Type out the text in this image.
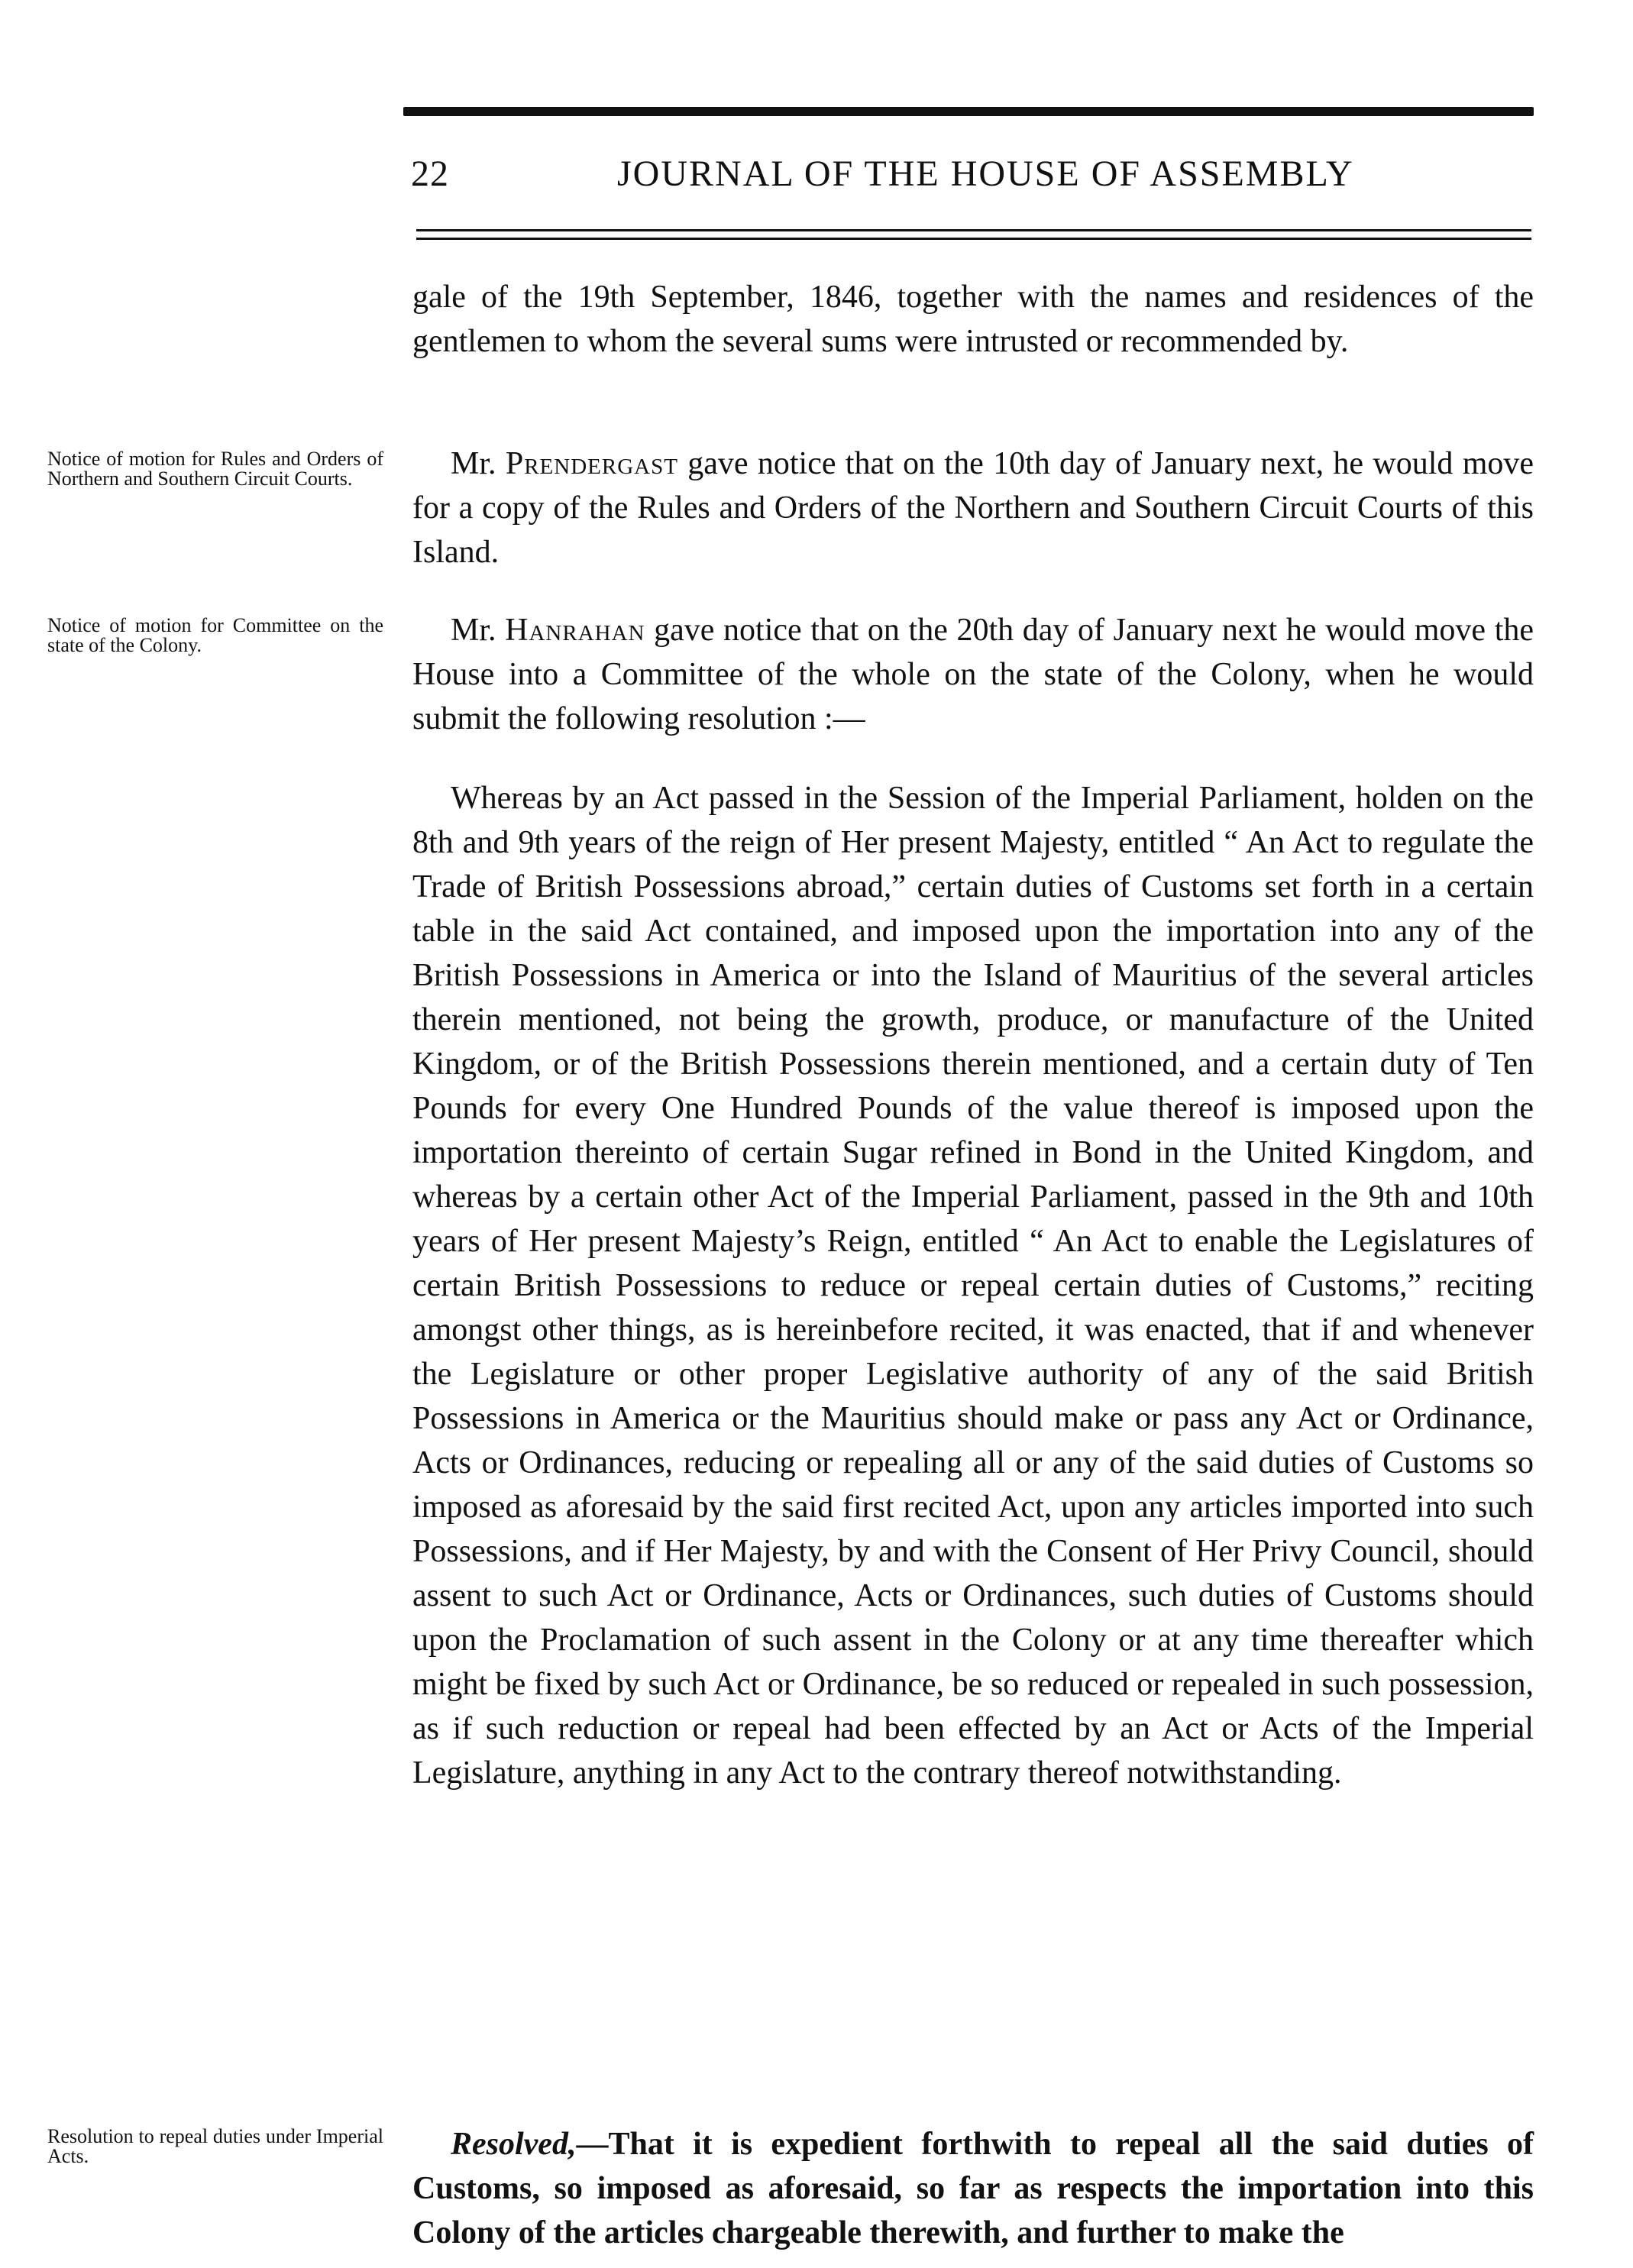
22	JOURNAL OF THE HOUSE OF ASSEMBLY

gale of the 19th September, 1846, together with the names and residences of the gentlemen to whom the several sums were intrusted or recommended by.

Mr. Prendergast gave notice that on the 10th day of January next, he would move for a copy of the Rules and Orders of the Northern and Southern Circuit Courts of this Island.

Mr. Hanrahan gave notice that on the 20th day of January next he would move the House into a Committee of the whole on the state of the Colony, when he would submit the following resolution :—

Whereas by an Act passed in the Session of the Imperial Parliament, holden on the 8th and 9th years of the reign of Her present Majesty, entitled “ An Act to regulate the Trade of British Possessions abroad,” certain duties of Customs set forth in a certain table in the said Act contained, and imposed upon the importation into any of the British Possessions in America or into the Island of Mauritius of the several articles therein mentioned, not being the growth, produce, or manufacture of the United Kingdom, or of the British Possessions therein mentioned, and a certain duty of Ten Pounds for every One Hundred Pounds of the value thereof is imposed upon the importation thereinto of certain Sugar refined in Bond in the United Kingdom, and whereas by a certain other Act of the Imperial Parliament, passed in the 9th and 10th years of Her present Majesty’s Reign, entitled “ An Act to enable the Legislatures of certain British Possessions to reduce or repeal certain duties of Customs,” reciting amongst other things, as is hereinbefore recited, it was enacted, that if and whenever the Legislature or other proper Legislative authority of any of the said British Possessions in America or the Mauritius should make or pass any Act or Ordinance, Acts or Ordinances, reducing or repealing all or any of the said duties of Customs so imposed as aforesaid by the said first recited Act, upon any articles imported into such Possessions, and if Her Majesty, by and with the Consent of Her Privy Council, should assent to such Act or Ordinance, Acts or Ordinances, such duties of Customs should upon the Proclamation of such assent in the Colony or at any time thereafter which might be fixed by such Act or Ordinance, be so reduced or repealed in such possession, as if such reduction or repeal had been effected by an Act or Acts of the Imperial Legislature, anything in any Act to the contrary thereof notwithstanding.

Resolved,—That it is expedient forthwith to repeal all the said duties of Customs, so imposed as aforesaid, so far as respects the importation into this Colony of the articles chargeable therewith, and further to make the

Notice of motion for Rules and Orders of Northern and Southern Circuit Courts.
Notice of motion for Committee on the state of the Colony.
Resolution to repeal duties under Imperial Acts.
